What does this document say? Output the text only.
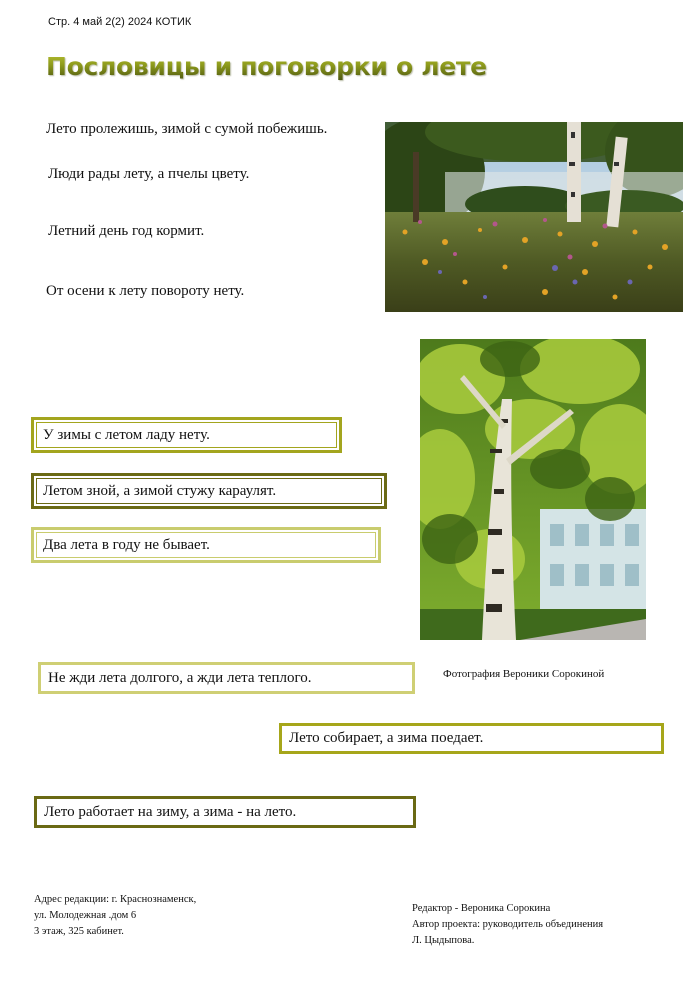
Стр. 4 май 2(2) 2024 КОТИК
Пословицы и поговорки о лете
Лето пролежишь, зимой с сумой побежишь.
Люди рады лету, а пчелы цвету.
Летний день год кормит.
От осени к лету повороту нету.
У зимы с летом ладу нету.
Летом зной, а зимой стужу караулят.
Два лета в году не бывает.
Не жди лета долгого, а жди лета теплого.
Лето собирает, а зима поедает.
Лето работает на зиму, а зима - на лето.
Фотография Вероники Сорокиной
Адрес редакции: г. Краснознаменск,
ул. Молодежная .дом 6
3 этаж, 325 кабинет.
Редактор - Вероника Сорокина
Автор проекта: руководитель объединения
Л. Цыдыпова.
